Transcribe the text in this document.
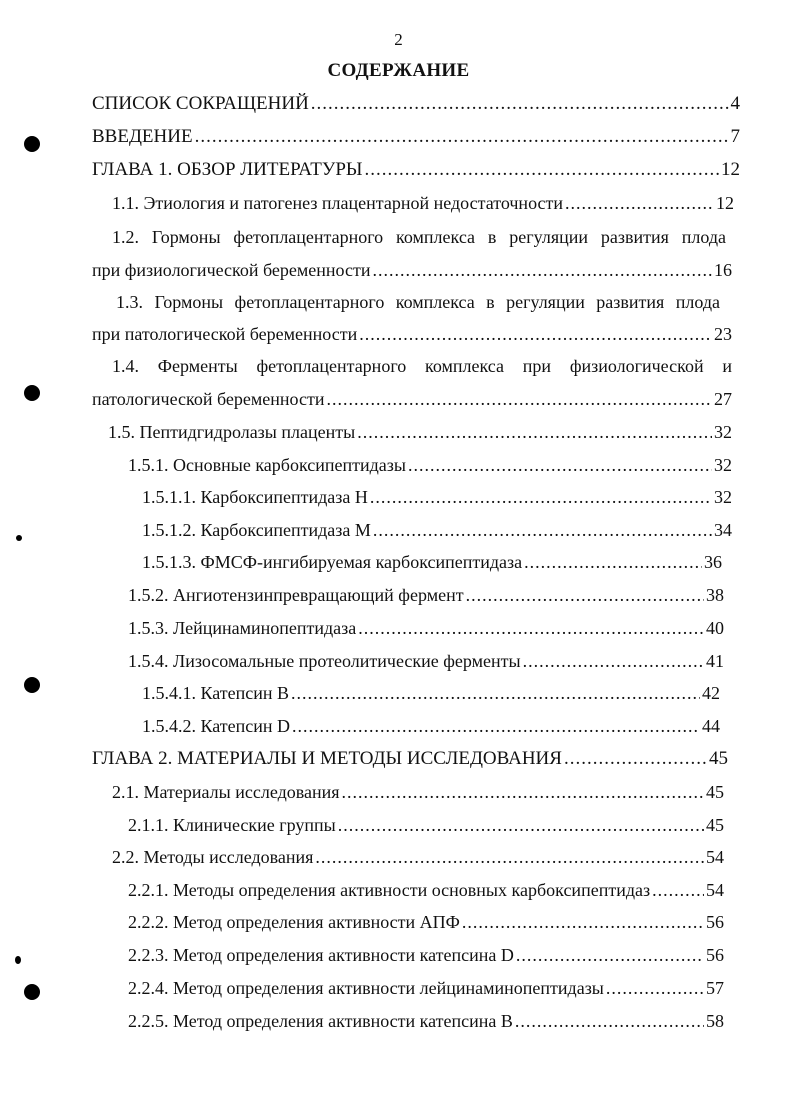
2
СОДЕРЖАНИЕ
СПИСОК СОКРАЩЕНИЙ .....	4
ВВЕДЕНИЕ .....	7
ГЛАВА 1. ОБЗОР ЛИТЕРАТУРЫ .....	12
1.1. Этиология и патогенез плацентарной недостаточности .....	12
1.2. Гормоны фетоплацентарного комплекса в регуляции развития плода
при физиологической беременности .....	16
1.3. Гормоны фетоплацентарного комплекса в регуляции развития плода
при патологической беременности .....	23
1.4. Ферменты фетоплацентарного комплекса при физиологической и
патологической беременности .....	27
1.5. Пептидгидролазы плаценты .....	32
1.5.1. Основные карбоксипептидазы .....	32
1.5.1.1. Карбоксипептидаза Н .....	32
1.5.1.2. Карбоксипептидаза М .....	34
1.5.1.3. ФМСФ-ингибируемая карбоксипептидаза .....	36
1.5.2. Ангиотензинпревращающий фермент .....	38
1.5.3. Лейцинаминопептидаза .....	40
1.5.4. Лизосомальные протеолитические ферменты .....	41
1.5.4.1. Катепсин В .....	42
1.5.4.2. Катепсин D .....	44
ГЛАВА 2. МАТЕРИАЛЫ И МЕТОДЫ ИССЛЕДОВАНИЯ .....	45
2.1. Материалы исследования .....	45
2.1.1. Клинические группы .....	45
2.2. Методы исследования .....	54
2.2.1. Методы определения активности основных карбоксипептидаз .....	54
2.2.2. Метод определения активности АПФ .....	56
2.2.3. Метод определения активности катепсина D .....	56
2.2.4. Метод определения активности лейцинаминопептидазы .....	57
2.2.5. Метод определения активности катепсина В .....	58
